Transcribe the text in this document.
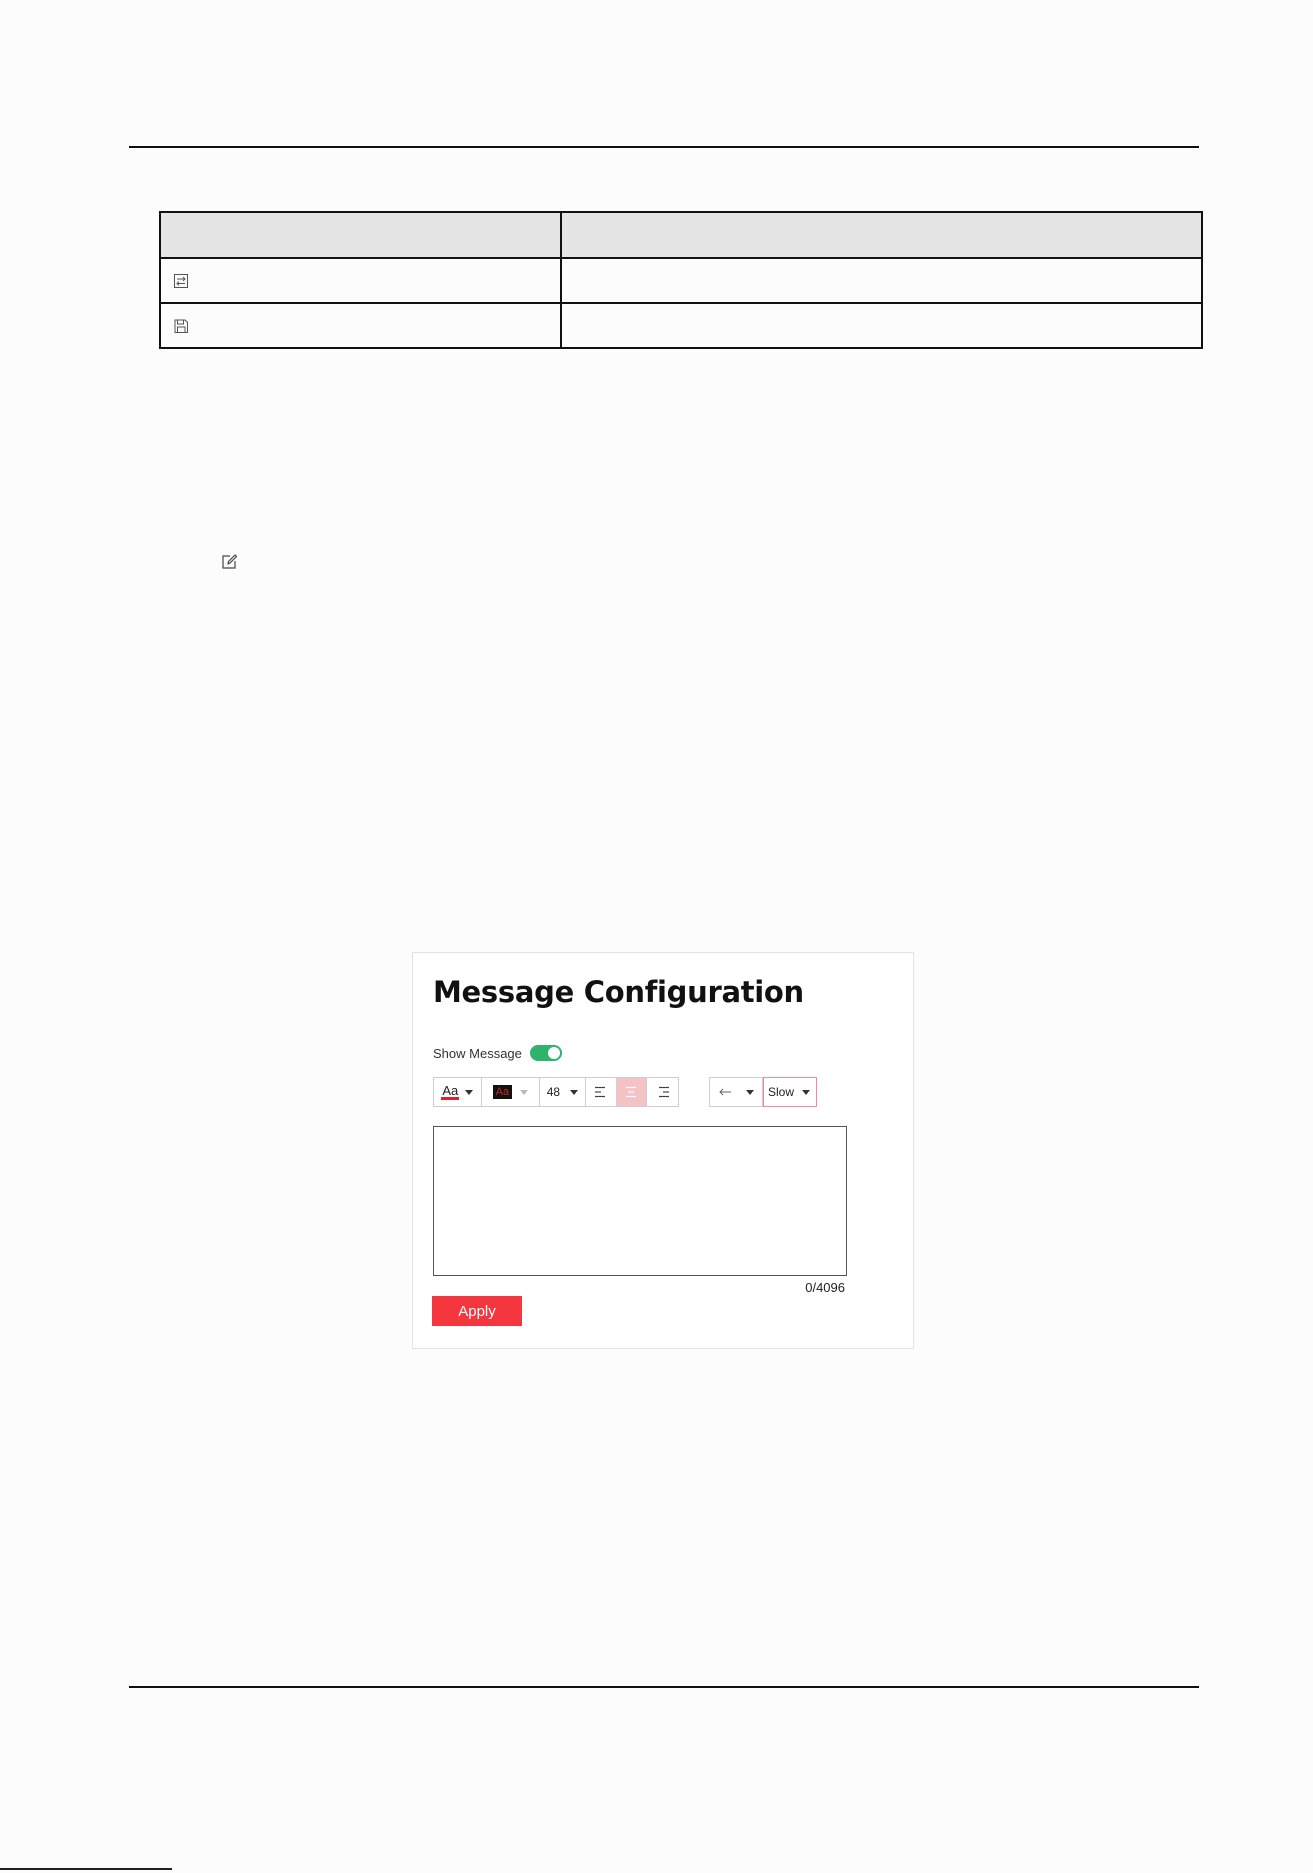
Message Configuration
Show Message
Aa	Aa	48	Slow
0/4096
Apply
